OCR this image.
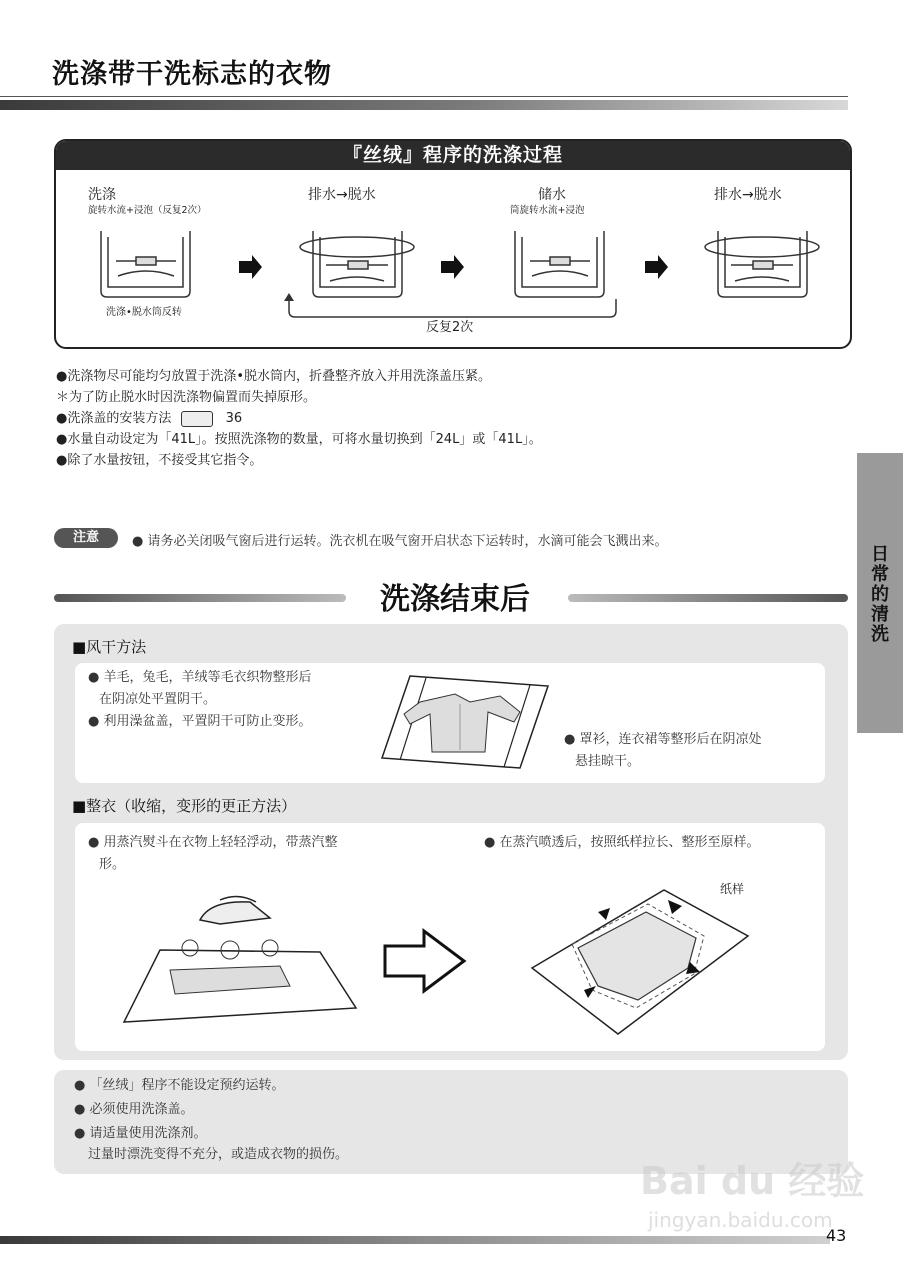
洗涤带干洗标志的衣物
日常的清洗
『丝绒』程序的洗涤过程
洗涤
旋转水流+浸泡（反复2次）
排水→脱水	储水
筒旋转水流+浸泡
排水→脱水
洗涤•脱水筒反转
反复2次
●洗涤物尽可能均匀放置于洗涤•脱水筒内，折叠整齐放入并用洗涤盖压紧。
＊为了防止脱水时因洗涤物偏置而失掉原形。
●洗涤盖的安装方法	36
●水量自动设定为「41L」。按照洗涤物的数量，可将水量切换到「24L」或「41L」。
●除了水量按钮，不接受其它指令。
注意	● 请务必关闭吸气窗后进行运转。洗衣机在吸气窗开启状态下运转时，水滴可能会飞溅出来。
洗涤结束后
■风干方法
● 羊毛，兔毛，羊绒等毛衣织物整形后
在阴凉处平置阴干。
● 利用澡盆盖，平置阴干可防止变形。
● 罩衫，连衣裙等整形后在阴凉处
悬挂晾干。
■整衣（收缩，变形的更正方法）
● 用蒸汽熨斗在衣物上轻轻浮动，带蒸汽整
形。
● 在蒸汽喷透后，按照纸样拉长、整形至原样。
纸样
● 「丝绒」程序不能设定预约运转。
● 必须使用洗涤盖。
● 请适量使用洗涤剂。
过量时漂洗变得不充分，或造成衣物的损伤。
Bai du 经验
jingyan.baidu.com
43
